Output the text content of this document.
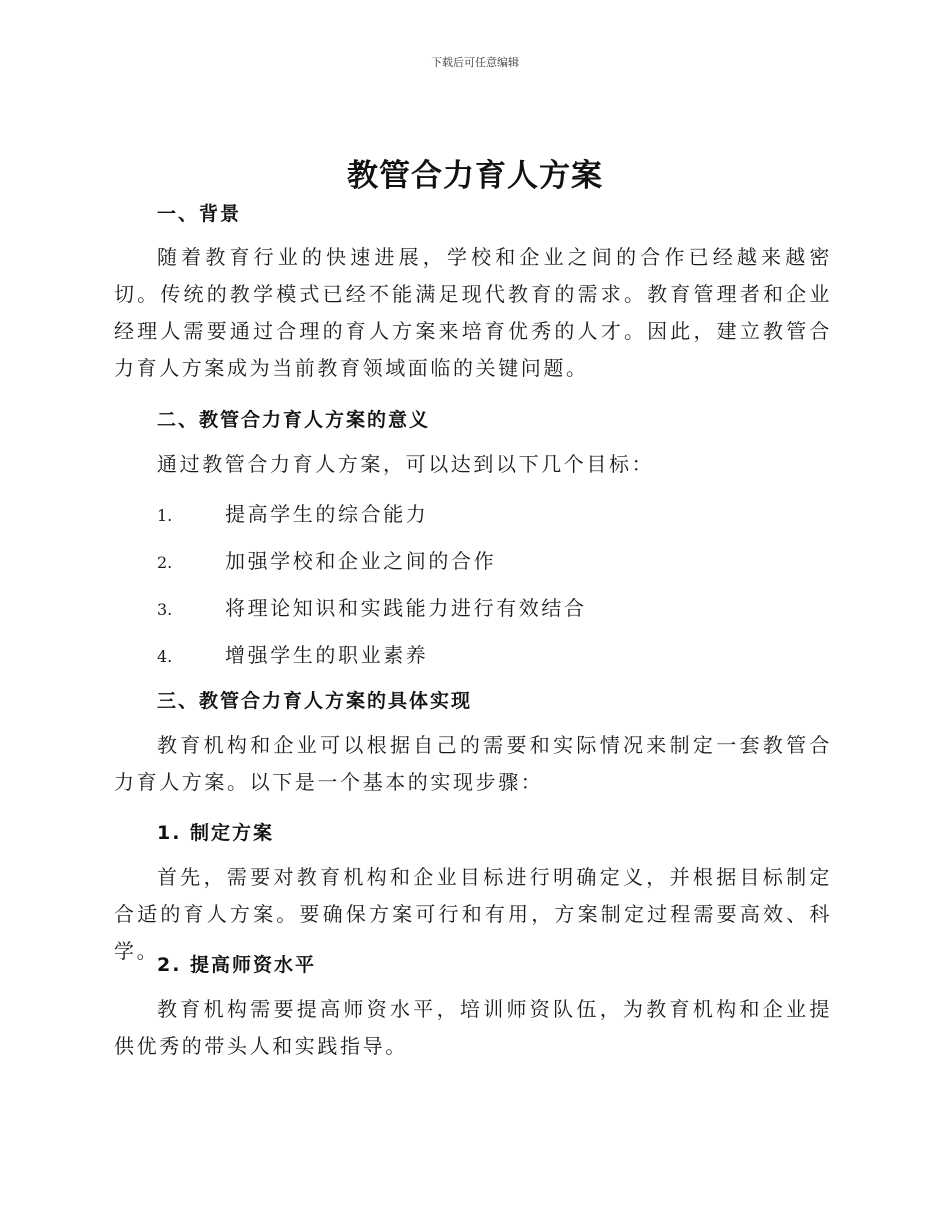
下载后可任意编辑
教管合力育人方案
一、背景
随着教育行业的快速进展，学校和企业之间的合作已经越来越密切。传统的教学模式已经不能满足现代教育的需求。教育管理者和企业经理人需要通过合理的育人方案来培育优秀的人才。因此，建立教管合力育人方案成为当前教育领域面临的关键问题。
二、教管合力育人方案的意义
通过教管合力育人方案，可以达到以下几个目标：
1.	提高学生的综合能力
2.	加强学校和企业之间的合作
3.	将理论知识和实践能力进行有效结合
4.	增强学生的职业素养
三、教管合力育人方案的具体实现
教育机构和企业可以根据自己的需要和实际情况来制定一套教管合力育人方案。以下是一个基本的实现步骤：
1. 制定方案
首先，需要对教育机构和企业目标进行明确定义，并根据目标制定合适的育人方案。要确保方案可行和有用，方案制定过程需要高效、科学。
2. 提高师资水平
教育机构需要提高师资水平，培训师资队伍，为教育机构和企业提供优秀的带头人和实践指导。
